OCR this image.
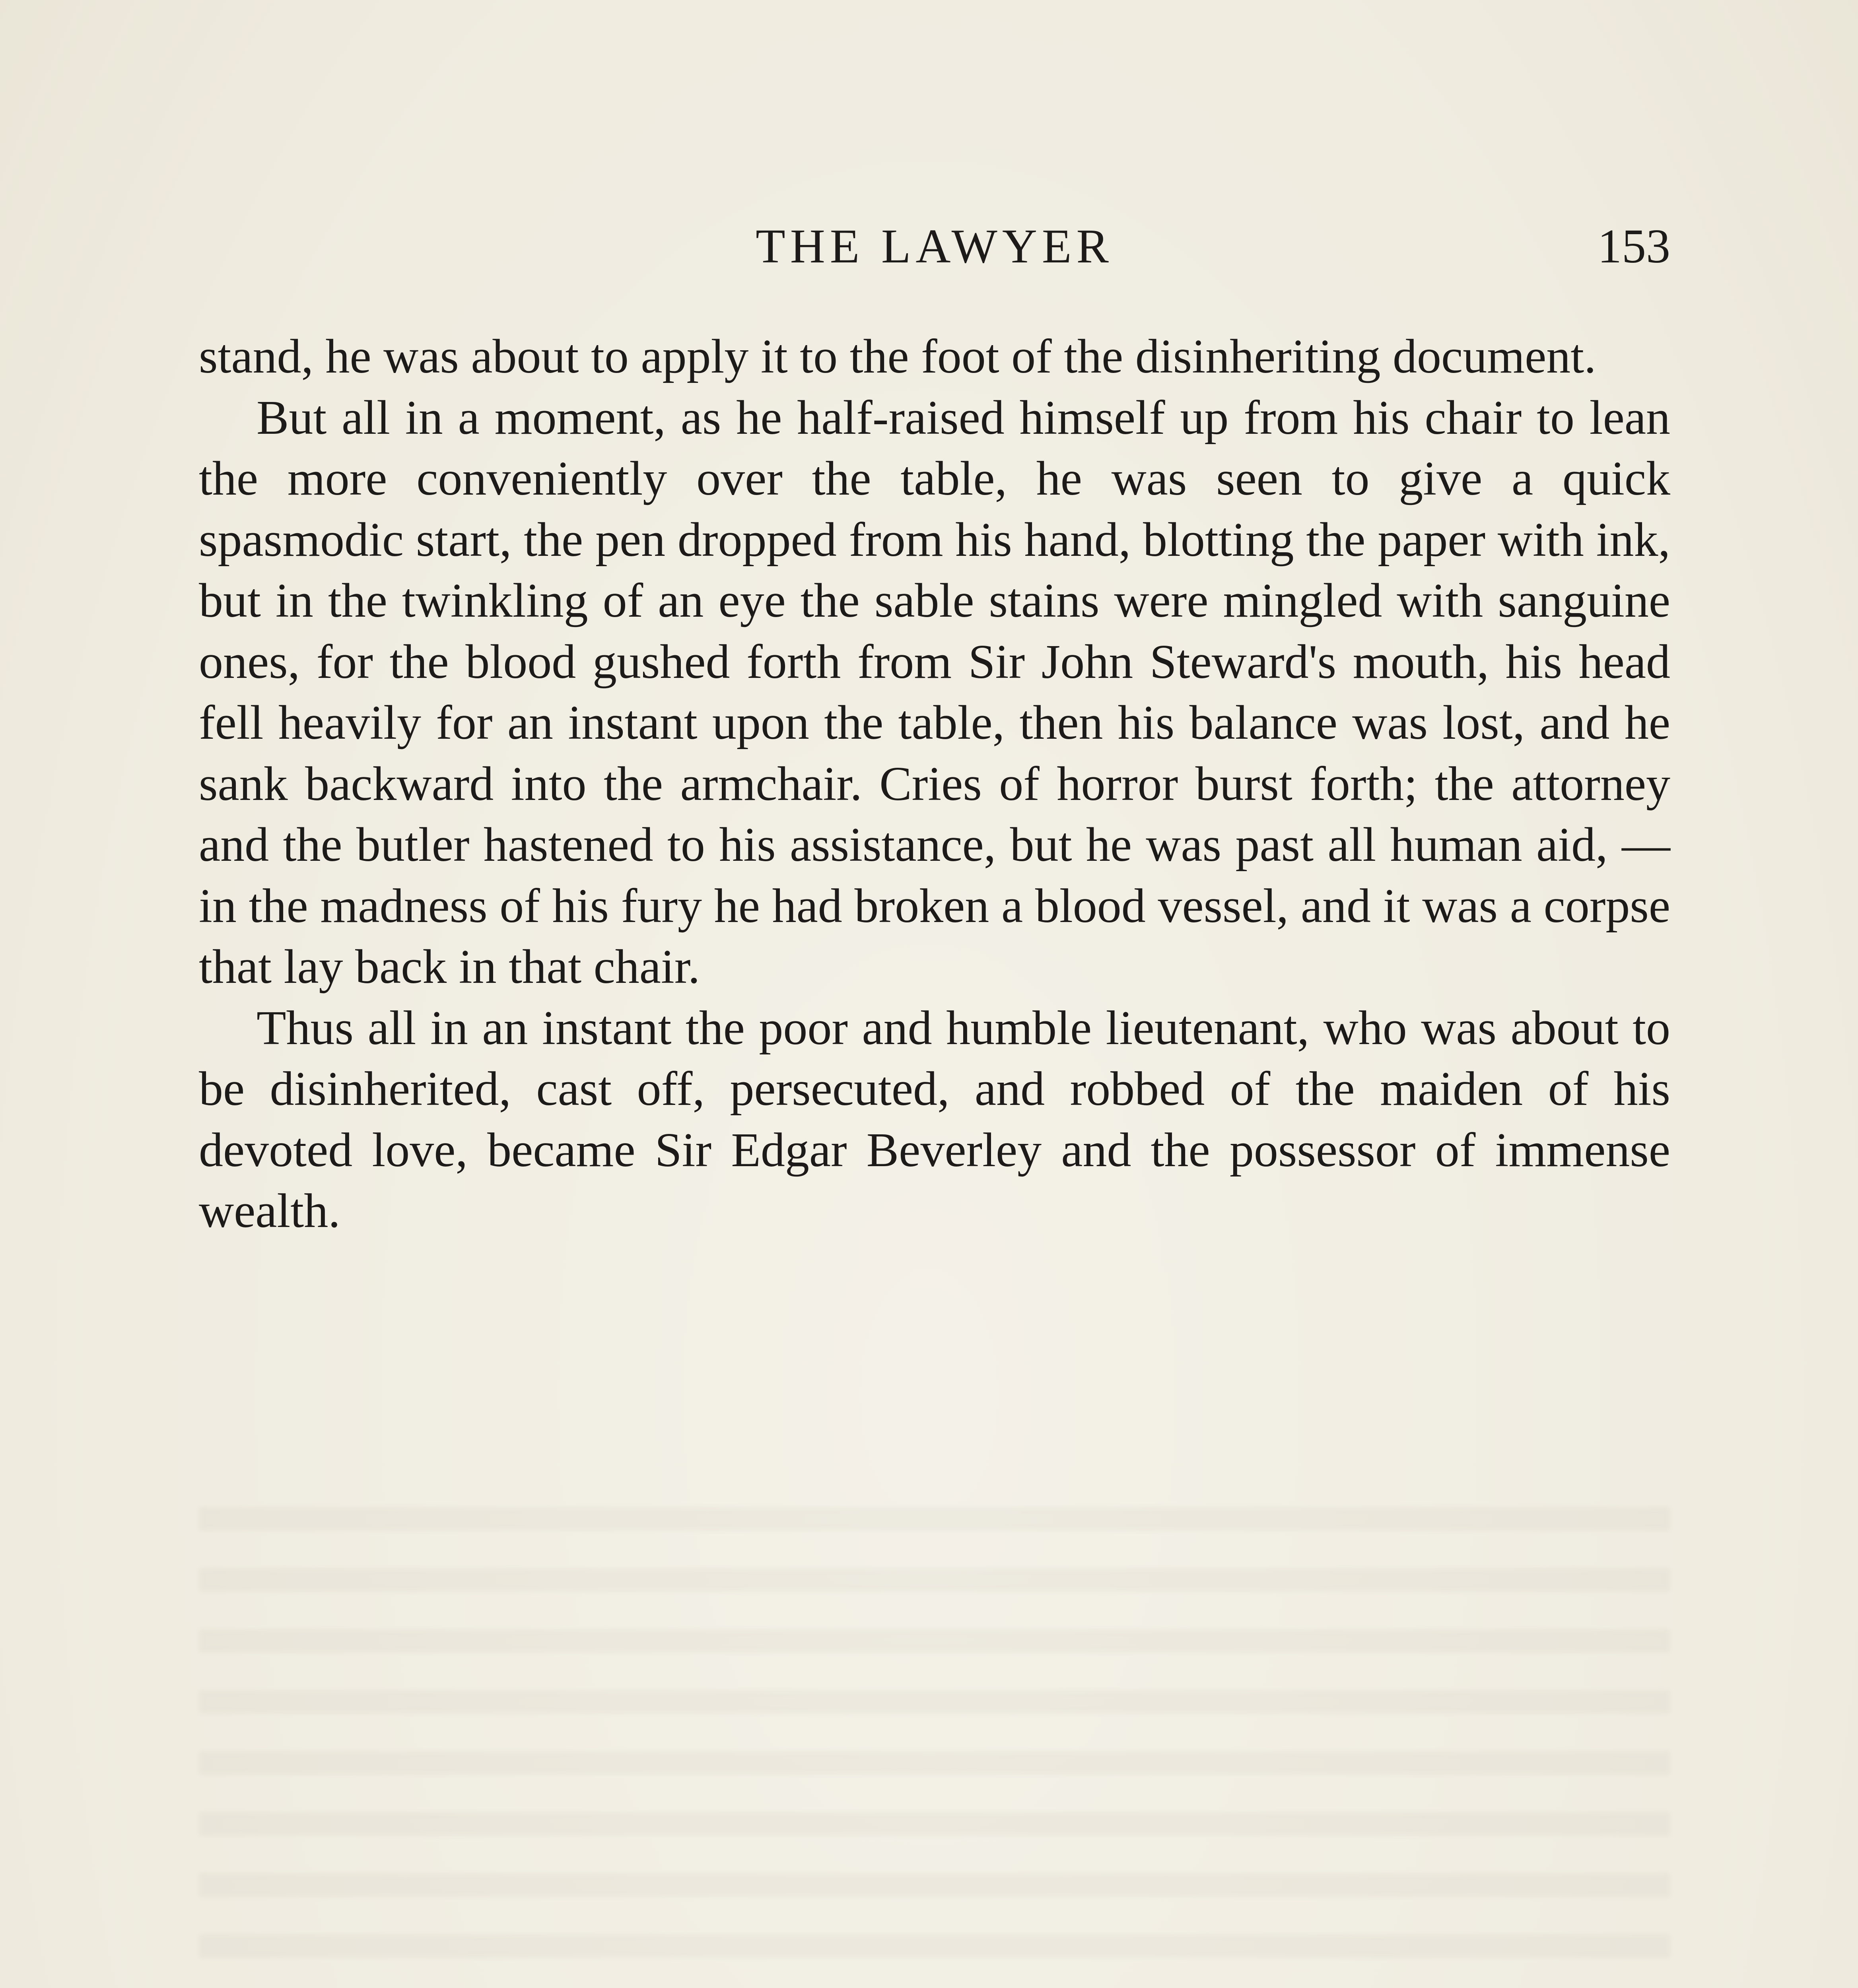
THE LAWYER	153

stand, he was about to apply it to the foot of the disinheriting document.

But all in a moment, as he half-raised himself up from his chair to lean the more conveniently over the table, he was seen to give a quick spasmodic start, the pen dropped from his hand, blotting the paper with ink, but in the twinkling of an eye the sable stains were mingled with sanguine ones, for the blood gushed forth from Sir John Steward's mouth, his head fell heavily for an instant upon the table, then his balance was lost, and he sank backward into the armchair. Cries of horror burst forth; the attorney and the butler hastened to his assistance, but he was past all human aid, — in the madness of his fury he had broken a blood vessel, and it was a corpse that lay back in that chair.

Thus all in an instant the poor and humble lieutenant, who was about to be disinherited, cast off, persecuted, and robbed of the maiden of his devoted love, became Sir Edgar Beverley and the possessor of immense wealth.
